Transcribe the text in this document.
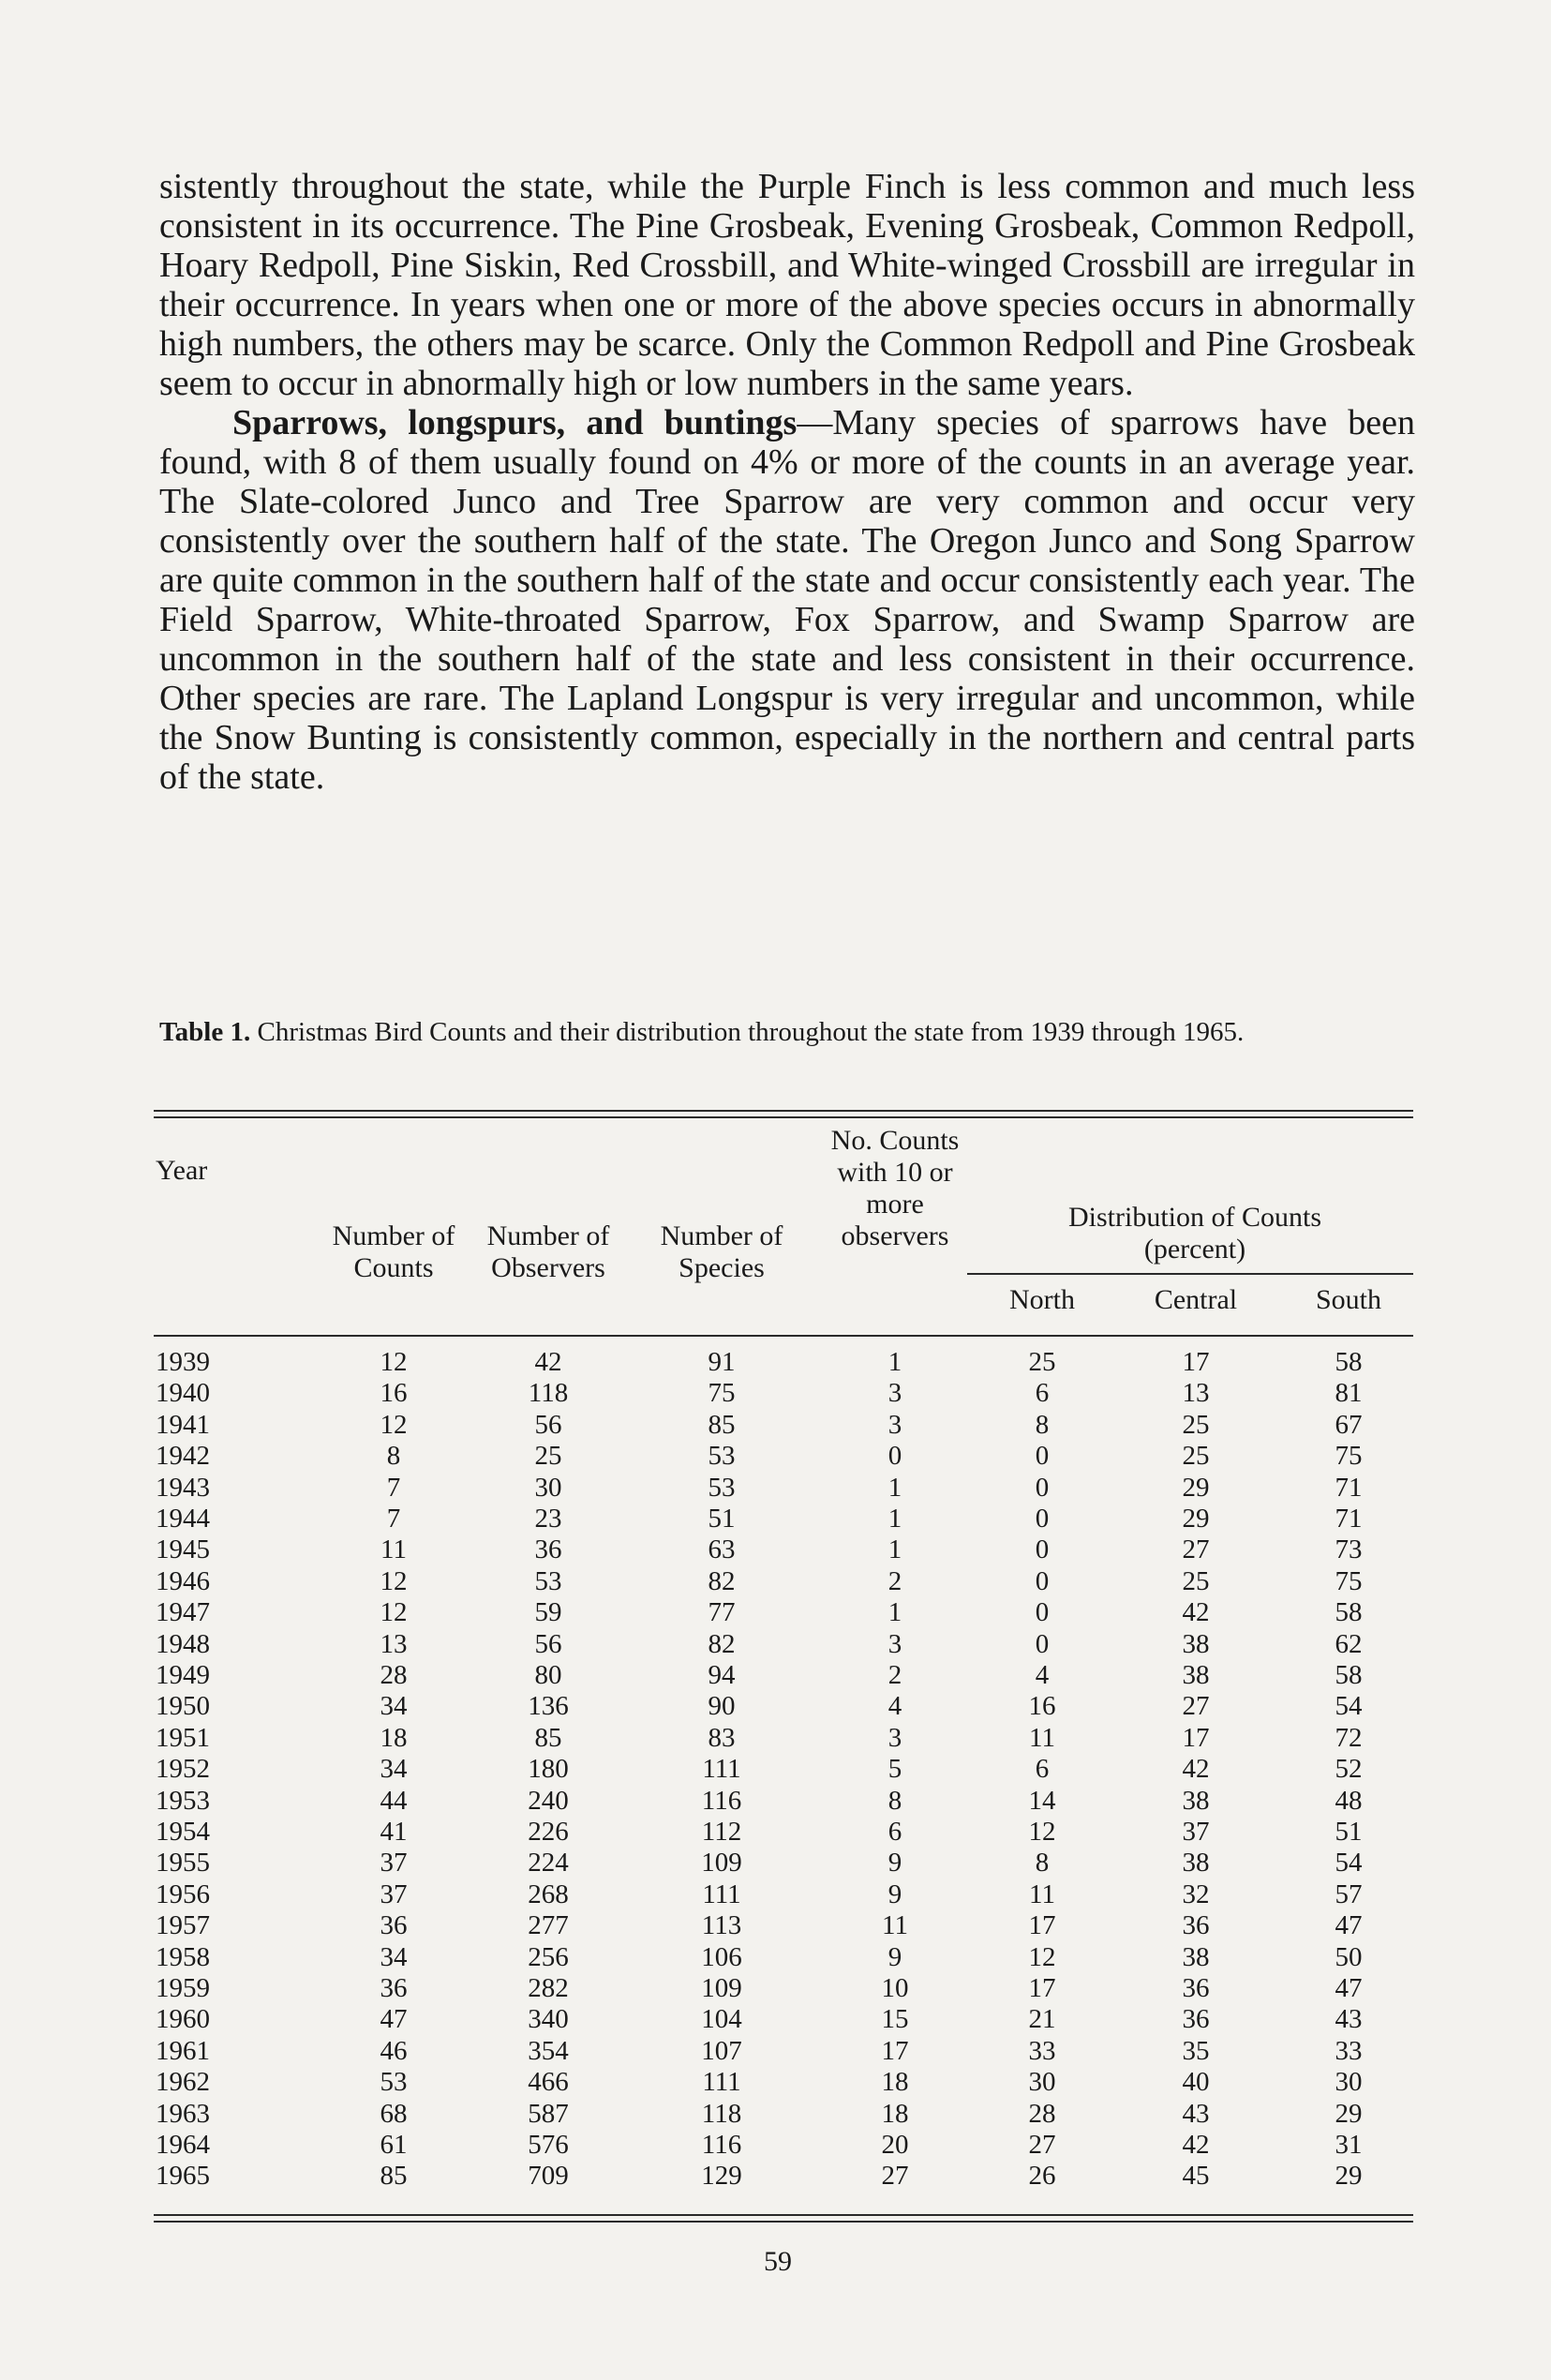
sistently throughout the state, while the Purple Finch is less common and much less consistent in its occurrence. The Pine Grosbeak, Evening Grosbeak, Common Redpoll, Hoary Redpoll, Pine Siskin, Red Crossbill, and White-winged Crossbill are irregular in their occurrence. In years when one or more of the above species occurs in abnormally high numbers, the others may be scarce. Only the Common Redpoll and Pine Grosbeak seem to occur in abnormally high or low numbers in the same years.

Sparrows, longspurs, and buntings—Many species of sparrows have been found, with 8 of them usually found on 4% or more of the counts in an average year. The Slate-colored Junco and Tree Sparrow are very common and occur very consistently over the southern half of the state. The Oregon Junco and Song Sparrow are quite common in the southern half of the state and occur consistently each year. The Field Sparrow, White-throated Sparrow, Fox Sparrow, and Swamp Sparrow are uncommon in the southern half of the state and less consistent in their occurrence. Other species are rare. The Lapland Longspur is very irregular and uncommon, while the Snow Bunting is consistently common, especially in the northern and central parts of the state.

Table 1. Christmas Bird Counts and their distribution throughout the state from 1939 through 1965.
Year
Number of Counts
Number of Observers
Number of Species
No. Counts with 10 or more observers
Distribution of Counts (percent)
North	Central	South
1939	12	42	91	1	25	17	58
1940	16	118	75	3	6	13	81
1941	12	56	85	3	8	25	67
1942	8	25	53	0	0	25	75
1943	7	30	53	1	0	29	71
1944	7	23	51	1	0	29	71
1945	11	36	63	1	0	27	73
1946	12	53	82	2	0	25	75
1947	12	59	77	1	0	42	58
1948	13	56	82	3	0	38	62
1949	28	80	94	2	4	38	58
1950	34	136	90	4	16	27	54
1951	18	85	83	3	11	17	72
1952	34	180	111	5	6	42	52
1953	44	240	116	8	14	38	48
1954	41	226	112	6	12	37	51
1955	37	224	109	9	8	38	54
1956	37	268	111	9	11	32	57
1957	36	277	113	11	17	36	47
1958	34	256	106	9	12	38	50
1959	36	282	109	10	17	36	47
1960	47	340	104	15	21	36	43
1961	46	354	107	17	33	35	33
1962	53	466	111	18	30	40	30
1963	68	587	118	18	28	43	29
1964	61	576	116	20	27	42	31
1965	85	709	129	27	26	45	29
59
